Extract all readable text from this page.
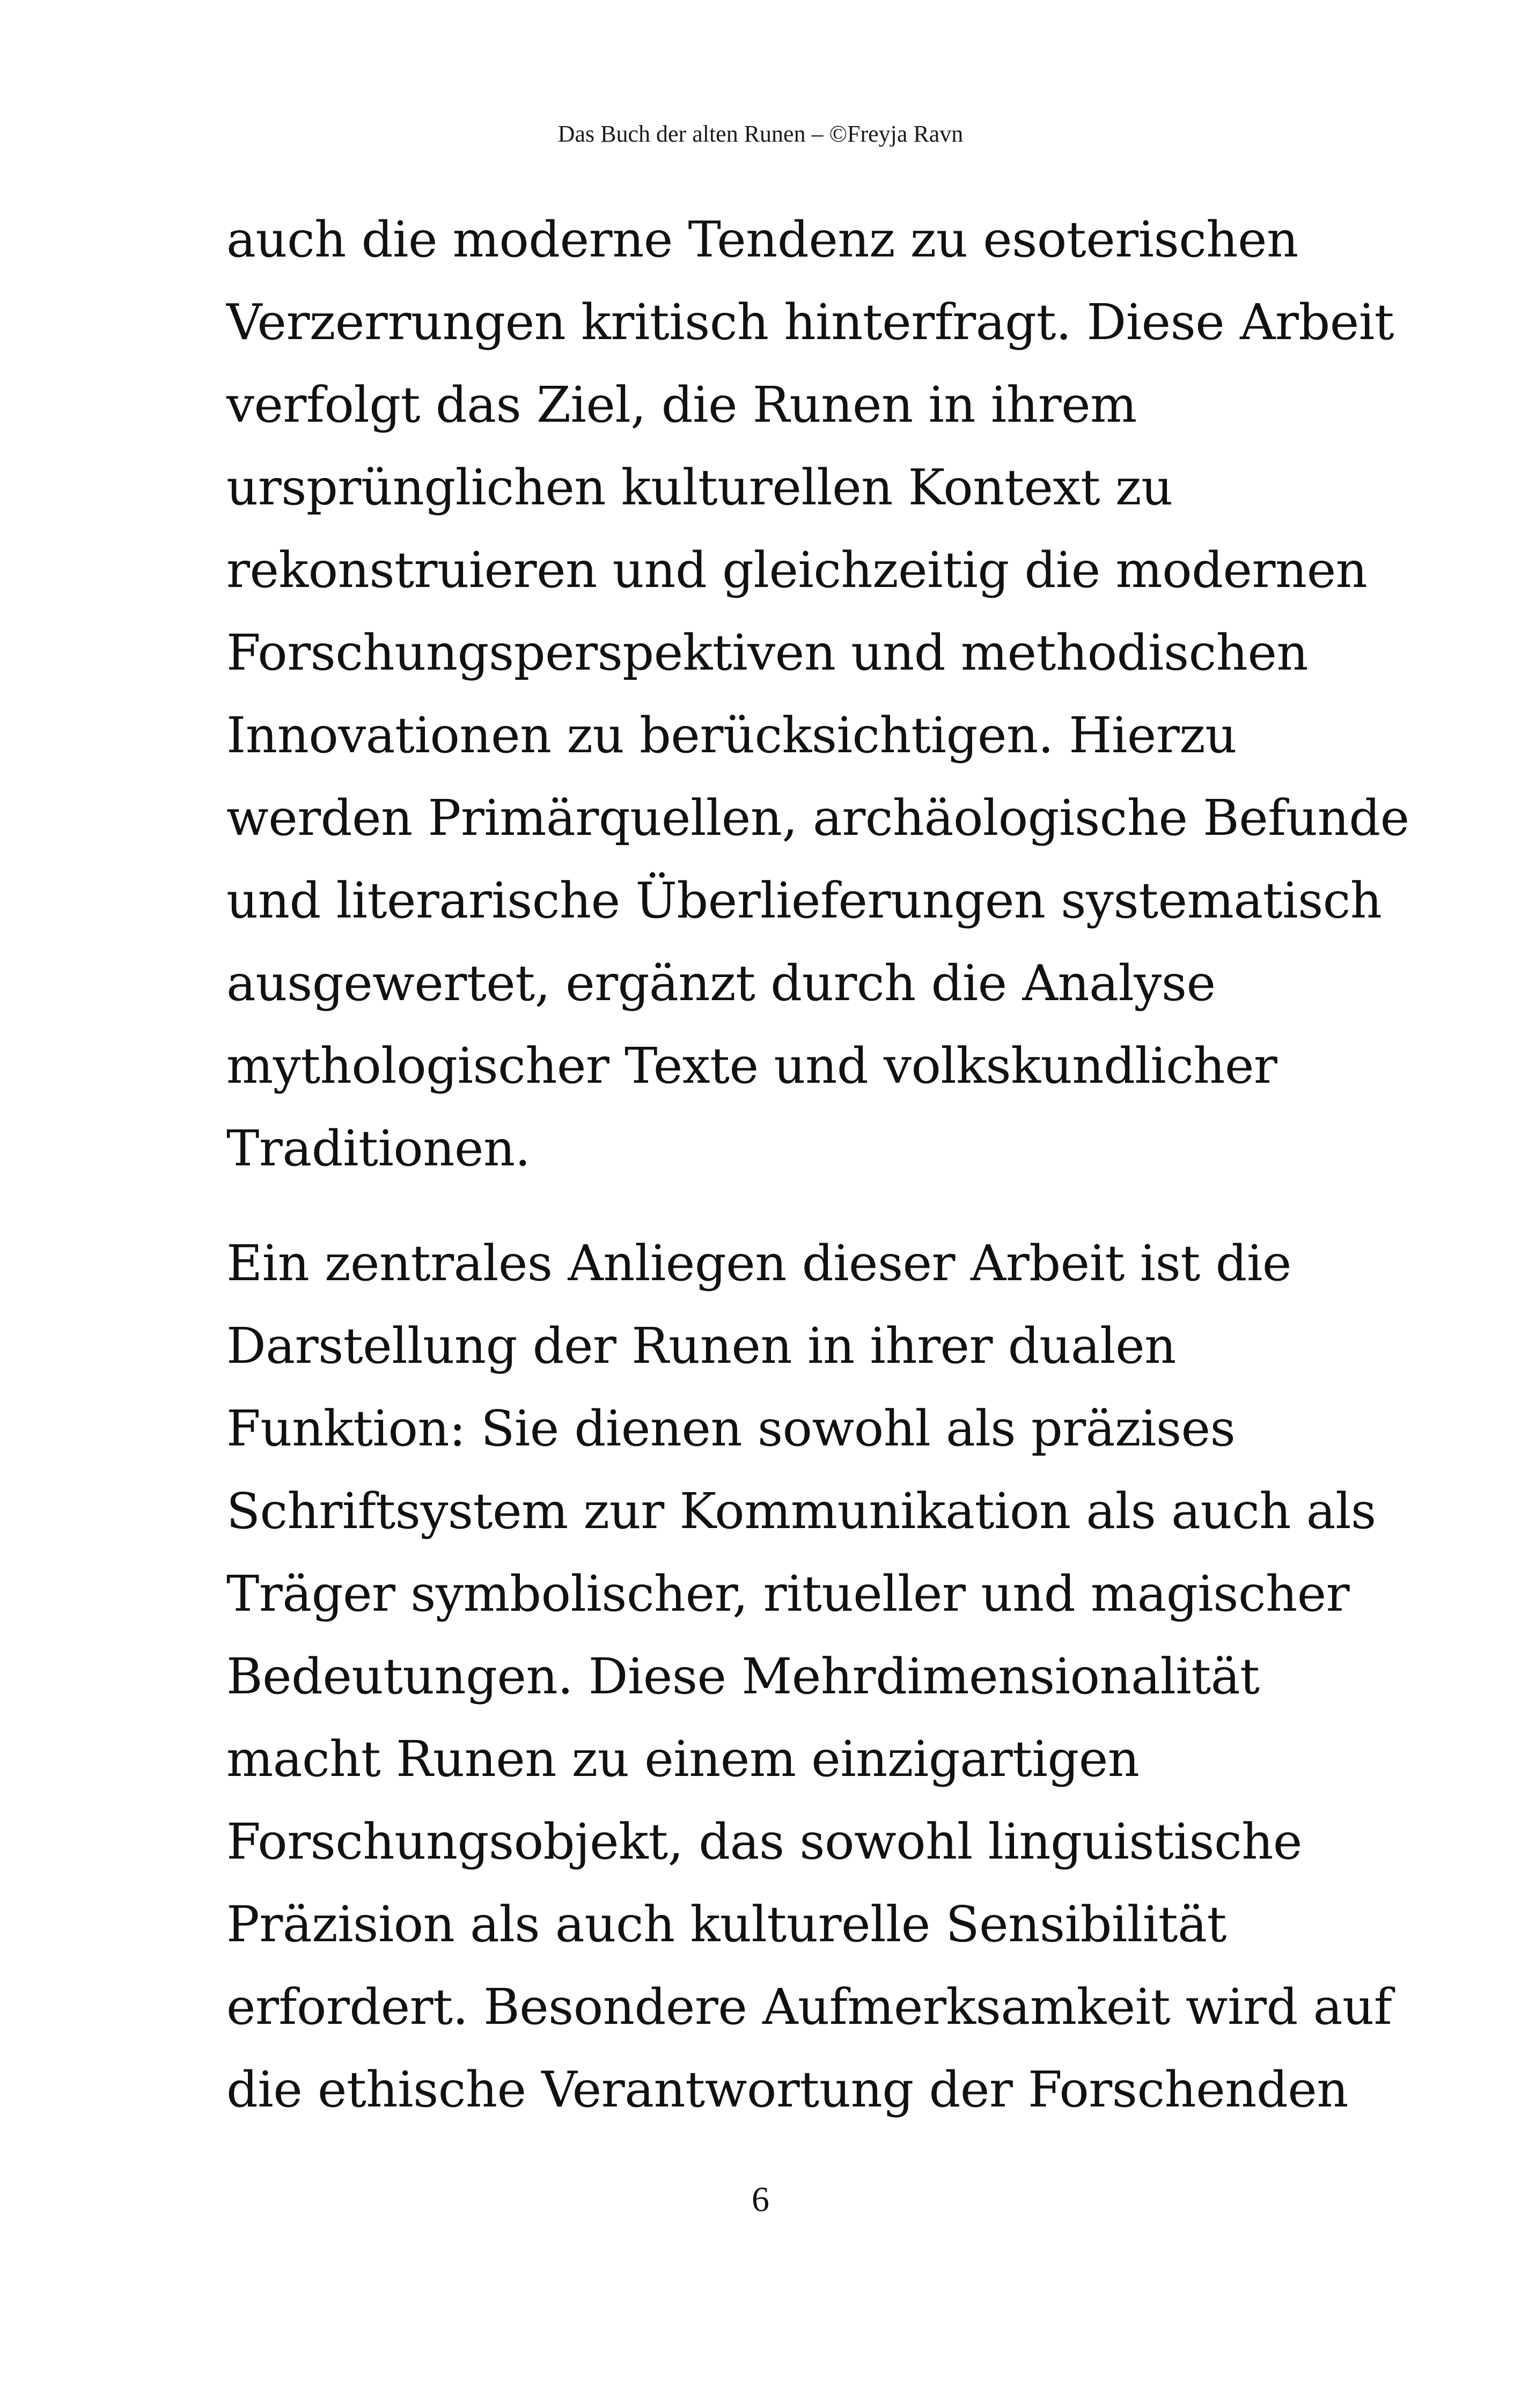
Das Buch der alten Runen – ©Freyja Ravn
auch die moderne Tendenz zu esoterischen
Verzerrungen kritisch hinterfragt. Diese Arbeit
verfolgt das Ziel, die Runen in ihrem
ursprünglichen kulturellen Kontext zu
rekonstruieren und gleichzeitig die modernen
Forschungsperspektiven und methodischen
Innovationen zu berücksichtigen. Hierzu
werden Primärquellen, archäologische Befunde
und literarische Überlieferungen systematisch
ausgewertet, ergänzt durch die Analyse
mythologischer Texte und volkskundlicher
Traditionen.
Ein zentrales Anliegen dieser Arbeit ist die
Darstellung der Runen in ihrer dualen
Funktion: Sie dienen sowohl als präzises
Schriftsystem zur Kommunikation als auch als
Träger symbolischer, ritueller und magischer
Bedeutungen. Diese Mehrdimensionalität
macht Runen zu einem einzigartigen
Forschungsobjekt, das sowohl linguistische
Präzision als auch kulturelle Sensibilität
erfordert. Besondere Aufmerksamkeit wird auf
die ethische Verantwortung der Forschenden
6
